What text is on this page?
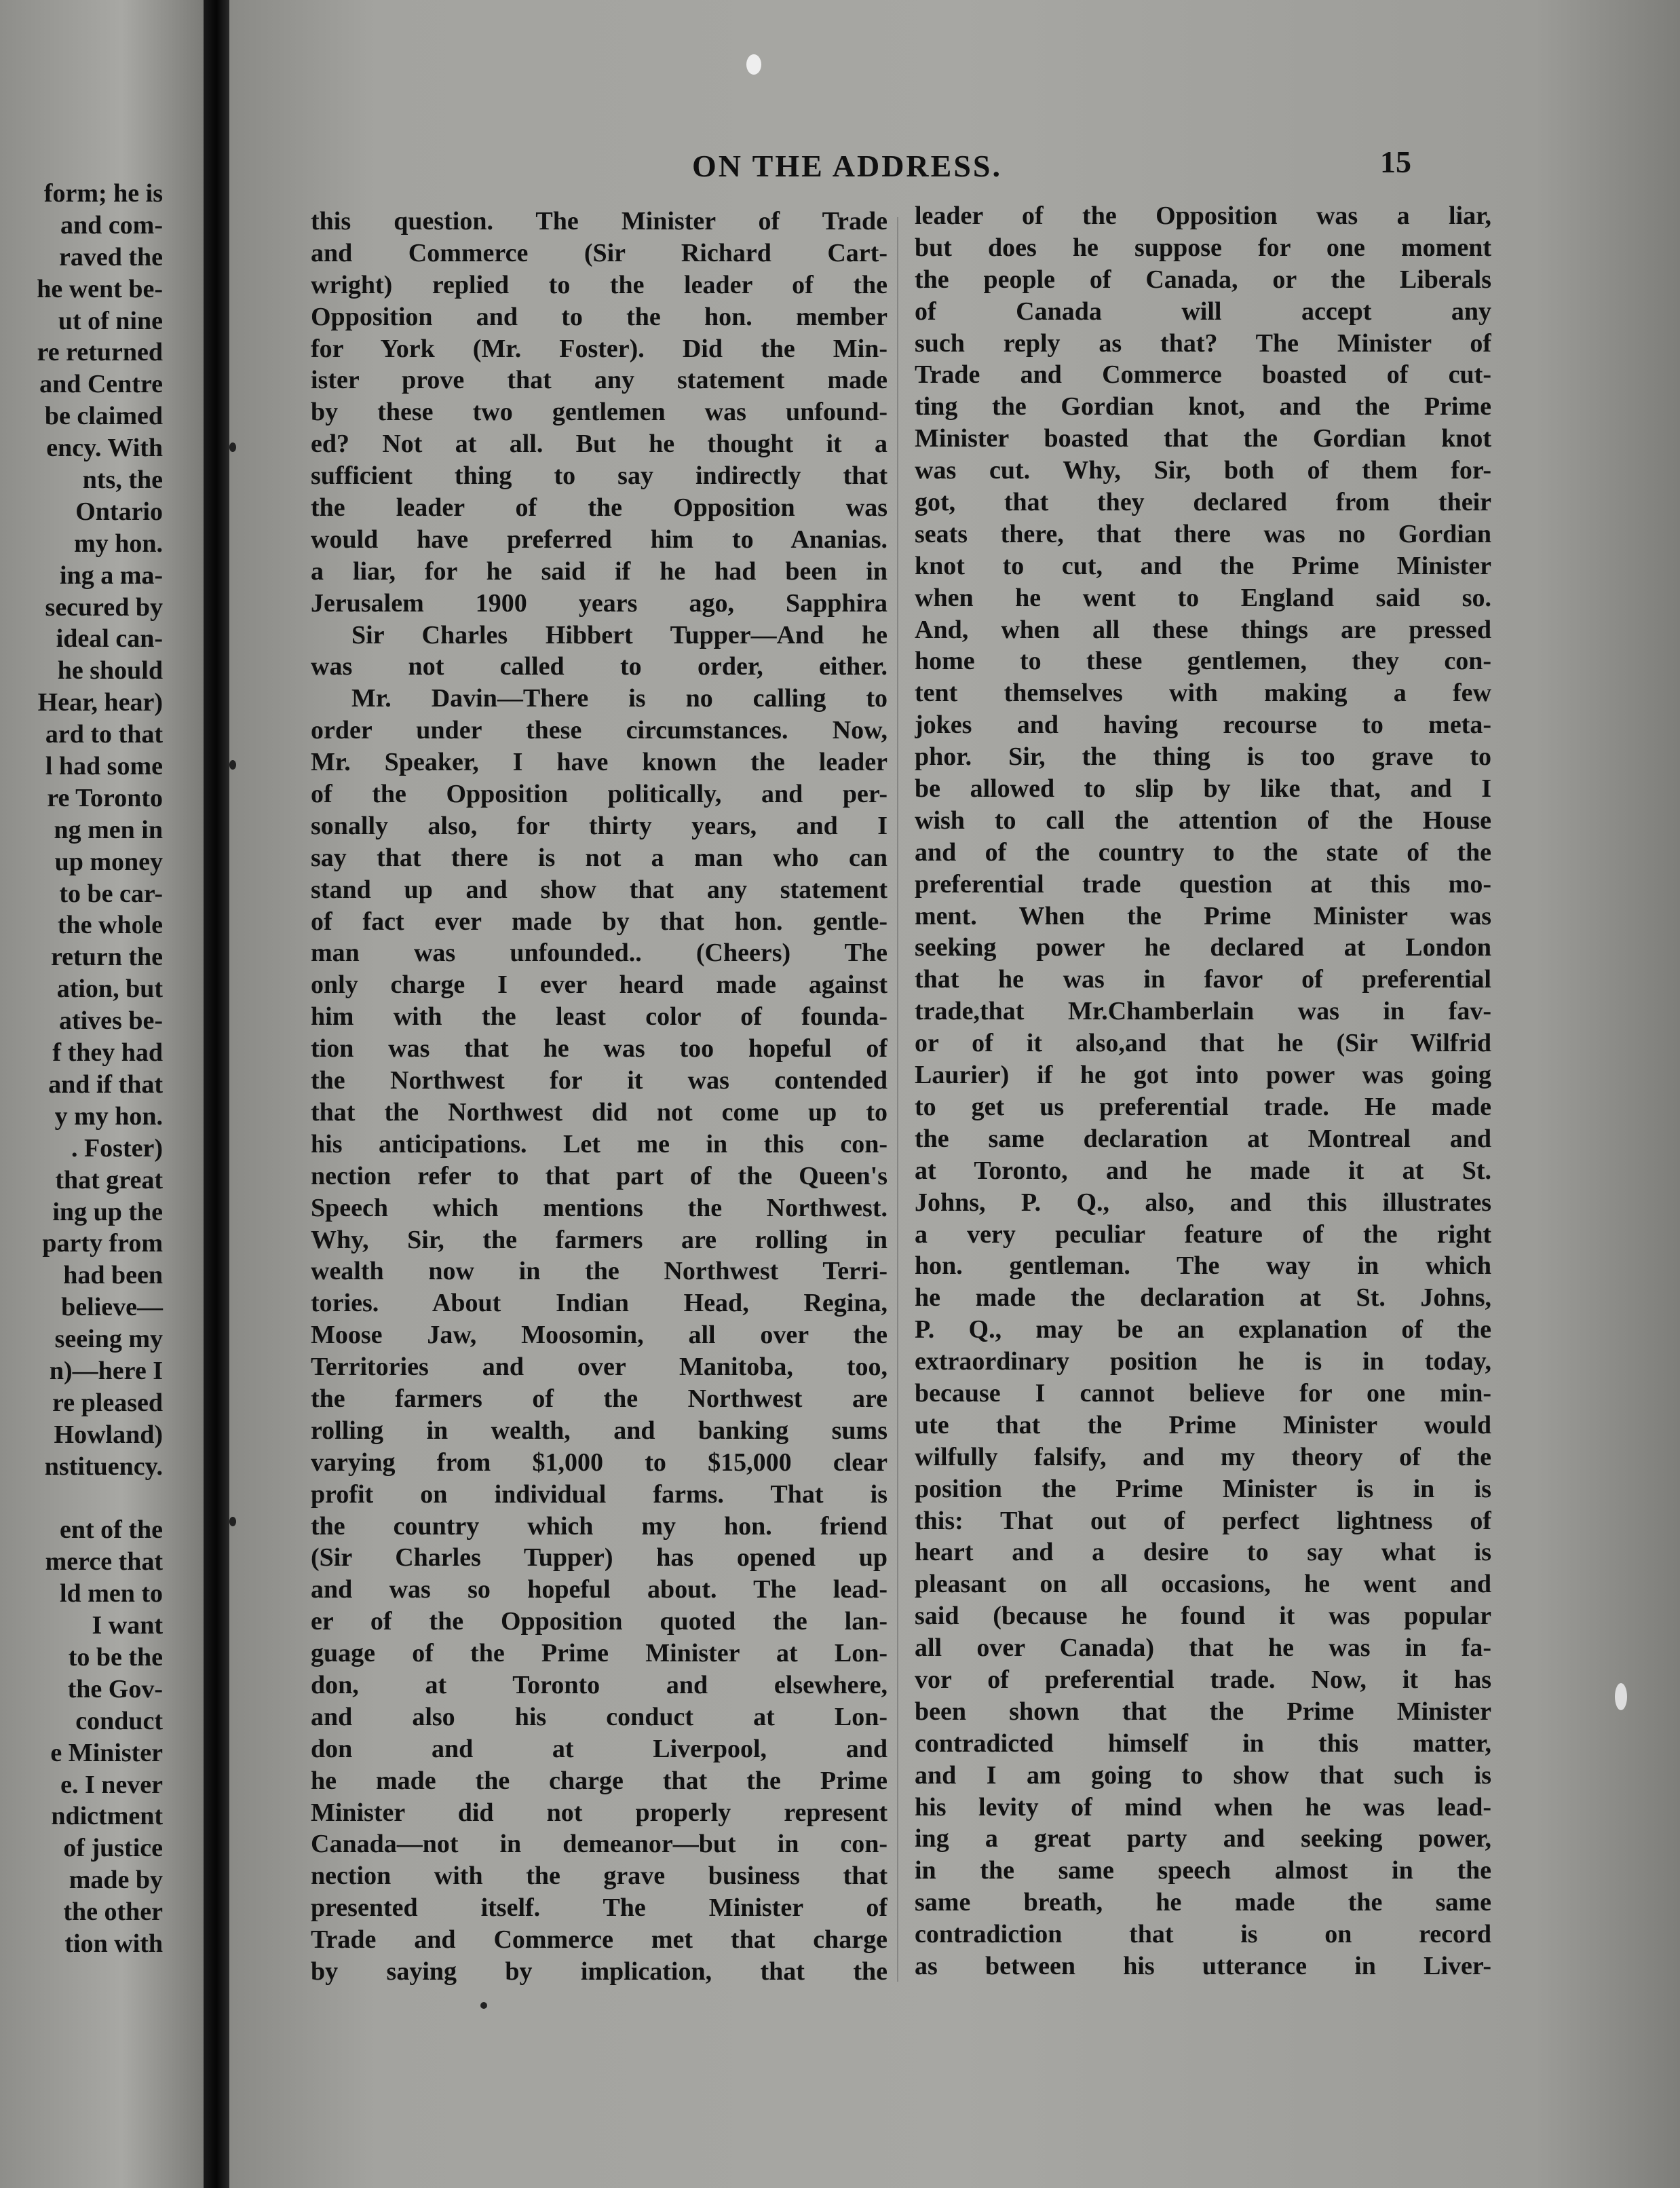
form; he is
and com-
raved the
he went be-
ut of nine
re returned
and Centre
be claimed
ency. With
nts, the
Ontario
my hon.
ing a ma-
secured by
ideal can-
he should
Hear, hear)
ard to that
l had some
re Toronto
ng men in
up money
to be car-
the whole
return the
ation, but
atives be-
f they had
and if that
y my hon.
. Foster)
that great
ing up the
party from
had been
believe—
seeing my
n)—here I
re pleased
Howland)
nstituency.
ent of the
merce that
ld men to
I want
to be the
the Gov-
conduct
e Minister
e. I never
ndictment
of justice
made by
the other
tion with
ON THE ADDRESS.	15
this question. The Minister of Trade
and Commerce (Sir Richard Cart-
wright) replied to the leader of the
Opposition and to the hon. member
for York (Mr. Foster). Did the Min-
ister prove that any statement made
by these two gentlemen was unfound-
ed? Not at all. But he thought it a
sufficient thing to say indirectly that
the leader of the Opposition was
would have preferred him to Ananias.
a liar, for he said if he had been in
Jerusalem 1900 years ago, Sapphira
Sir Charles Hibbert Tupper—And he
was not called to order, either.
Mr. Davin—There is no calling to
order under these circumstances. Now,
Mr. Speaker, I have known the leader
of the Opposition politically, and per-
sonally also, for thirty years, and I
say that there is not a man who can
stand up and show that any statement
of fact ever made by that hon. gentle-
man was unfounded.. (Cheers) The
only charge I ever heard made against
him with the least color of founda-
tion was that he was too hopeful of
the Northwest for it was contended
that the Northwest did not come up to
his anticipations. Let me in this con-
nection refer to that part of the Queen's
Speech which mentions the Northwest.
Why, Sir, the farmers are rolling in
wealth now in the Northwest Terri-
tories. About Indian Head, Regina,
Moose Jaw, Moosomin, all over the
Territories and over Manitoba, too,
the farmers of the Northwest are
rolling in wealth, and banking sums
varying from $1,000 to $15,000 clear
profit on individual farms. That is
the country which my hon. friend
(Sir Charles Tupper) has opened up
and was so hopeful about. The lead-
er of the Opposition quoted the lan-
guage of the Prime Minister at Lon-
don, at Toronto and elsewhere,
and also his conduct at Lon-
don and at Liverpool, and
he made the charge that the Prime
Minister did not properly represent
Canada—not in demeanor—but in con-
nection with the grave business that
presented itself. The Minister of
Trade and Commerce met that charge
by saying by implication, that the
leader of the Opposition was a liar,
but does he suppose for one moment
the people of Canada, or the Liberals
of Canada will accept any
such reply as that? The Minister of
Trade and Commerce boasted of cut-
ting the Gordian knot, and the Prime
Minister boasted that the Gordian knot
was cut. Why, Sir, both of them for-
got, that they declared from their
seats there, that there was no Gordian
knot to cut, and the Prime Minister
when he went to England said so.
And, when all these things are pressed
home to these gentlemen, they con-
tent themselves with making a few
jokes and having recourse to meta-
phor. Sir, the thing is too grave to
be allowed to slip by like that, and I
wish to call the attention of the House
and of the country to the state of the
preferential trade question at this mo-
ment. When the Prime Minister was
seeking power he declared at London
that he was in favor of preferential
trade,that Mr.Chamberlain was in fav-
or of it also,and that he (Sir Wilfrid
Laurier) if he got into power was going
to get us preferential trade. He made
the same declaration at Montreal and
at Toronto, and he made it at St.
Johns, P. Q., also, and this illustrates
a very peculiar feature of the right
hon. gentleman. The way in which
he made the declaration at St. Johns,
P. Q., may be an explanation of the
extraordinary position he is in today,
because I cannot believe for one min-
ute that the Prime Minister would
wilfully falsify, and my theory of the
position the Prime Minister is in is
this: That out of perfect lightness of
heart and a desire to say what is
pleasant on all occasions, he went and
said (because he found it was popular
all over Canada) that he was in fa-
vor of preferential trade. Now, it has
been shown that the Prime Minister
contradicted himself in this matter,
and I am going to show that such is
his levity of mind when he was lead-
ing a great party and seeking power,
in the same speech almost in the
same breath, he made the same
contradiction that is on record
as between his utterance in Liver-
